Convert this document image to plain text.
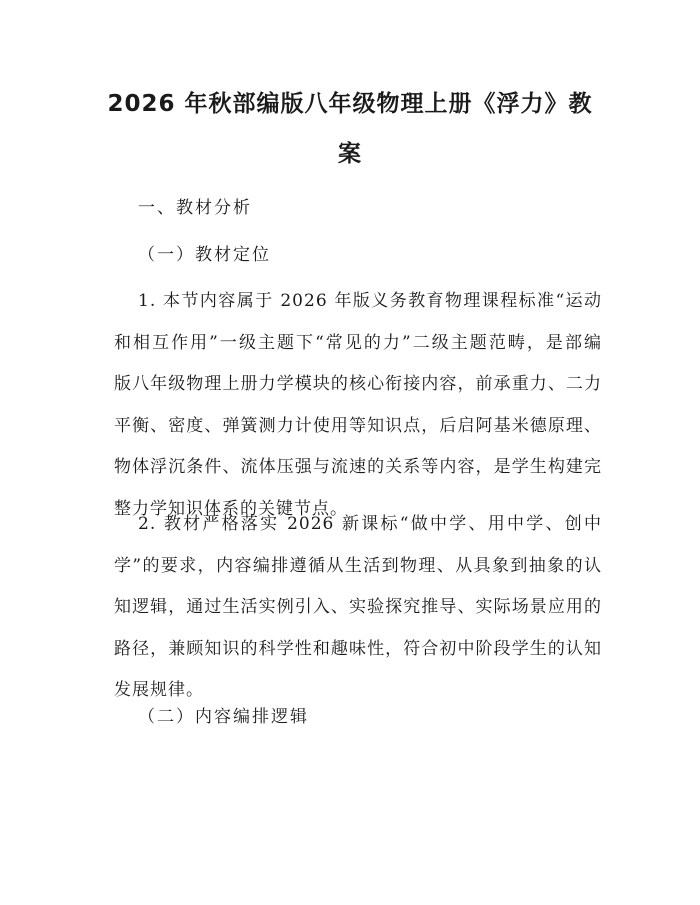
2026 年秋部编版八年级物理上册《浮力》教
案

一、教材分析

（一）教材定位

1. 本节内容属于 2026 年版义务教育物理课程标准“运动
和相互作用”一级主题下“常见的力”二级主题范畴，是部编
版八年级物理上册力学模块的核心衔接内容，前承重力、二力
平衡、密度、弹簧测力计使用等知识点，后启阿基米德原理、
物体浮沉条件、流体压强与流速的关系等内容，是学生构建完
整力学知识体系的关键节点。

2. 教材严格落实 2026 新课标“做中学、用中学、创中
学”的要求，内容编排遵循从生活到物理、从具象到抽象的认
知逻辑，通过生活实例引入、实验探究推导、实际场景应用的
路径，兼顾知识的科学性和趣味性，符合初中阶段学生的认知
发展规律。

（二）内容编排逻辑
